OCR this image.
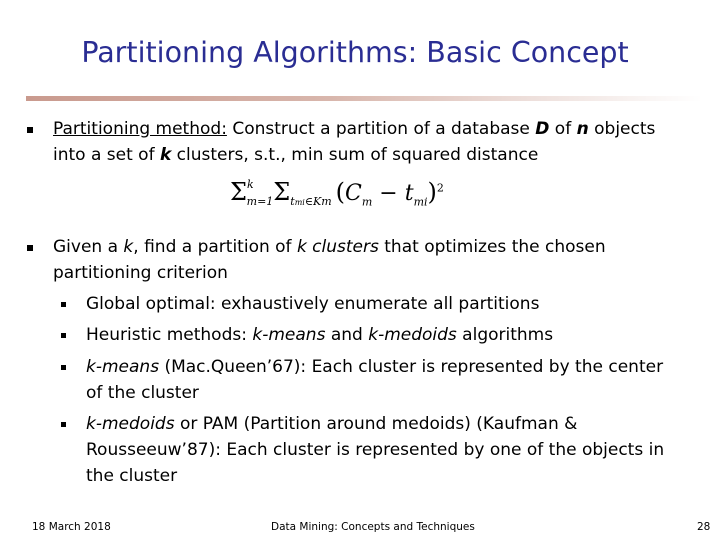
Partitioning Algorithms: Basic Concept
Partitioning method: Construct a partition of a database D of n objects
into a set of k clusters, s.t., min sum of squared distance
$\Sigma^k_{m=1}\Sigma_{tmi\in Km}$ $(C_m - t_{mi})^2$
Given a k, find a partition of k clusters that optimizes the chosen
partitioning criterion
Global optimal: exhaustively enumerate all partitions
Heuristic methods: k-means and k-medoids algorithms
k-means (Mac.Queen’67): Each cluster is represented by the center
of the cluster
k-medoids or PAM (Partition around medoids) (Kaufman &
Rousseeuw’87): Each cluster is represented by one of the objects in
the cluster
18 March 2018	Data Mining: Concepts and Techniques	28
